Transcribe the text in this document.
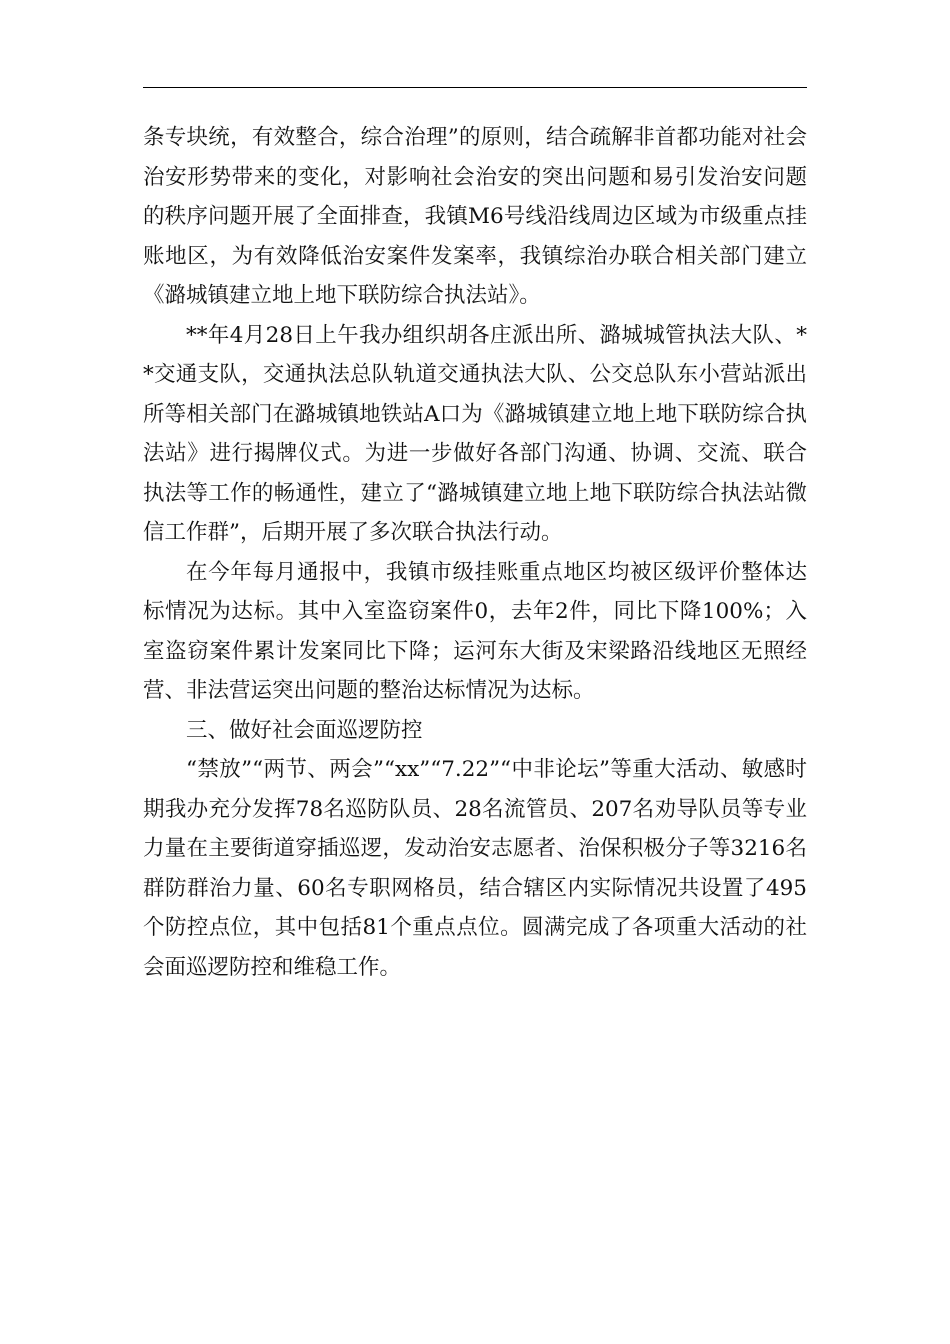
条专块统，有效整合，综合治理”的原则，结合疏解非首都功能对社会治安形势带来的变化，对影响社会治安的突出问题和易引发治安问题的秩序问题开展了全面排查，我镇M6号线沿线周边区域为市级重点挂账地区，为有效降低治安案件发案率，我镇综治办联合相关部门建立《潞城镇建立地上地下联防综合执法站》。

**年4月28日上午我办组织胡各庄派出所、潞城城管执法大队、**交通支队，交通执法总队轨道交通执法大队、公交总队东小营站派出所等相关部门在潞城镇地铁站A口为《潞城镇建立地上地下联防综合执法站》进行揭牌仪式。为进一步做好各部门沟通、协调、交流、联合执法等工作的畅通性，建立了“潞城镇建立地上地下联防综合执法站微信工作群”，后期开展了多次联合执法行动。

在今年每月通报中，我镇市级挂账重点地区均被区级评价整体达标情况为达标。其中入室盗窃案件0，去年2件，同比下降100%；入室盗窃案件累计发案同比下降；运河东大街及宋梁路沿线地区无照经营、非法营运突出问题的整治达标情况为达标。

三、做好社会面巡逻防控

“禁放”“两节、两会”“xx”“7.22”“中非论坛”等重大活动、敏感时期我办充分发挥78名巡防队员、28名流管员、207名劝导队员等专业力量在主要街道穿插巡逻，发动治安志愿者、治保积极分子等3216名群防群治力量、60名专职网格员，结合辖区内实际情况共设置了495个防控点位，其中包括81个重点点位。圆满完成了各项重大活动的社会面巡逻防控和维稳工作。
